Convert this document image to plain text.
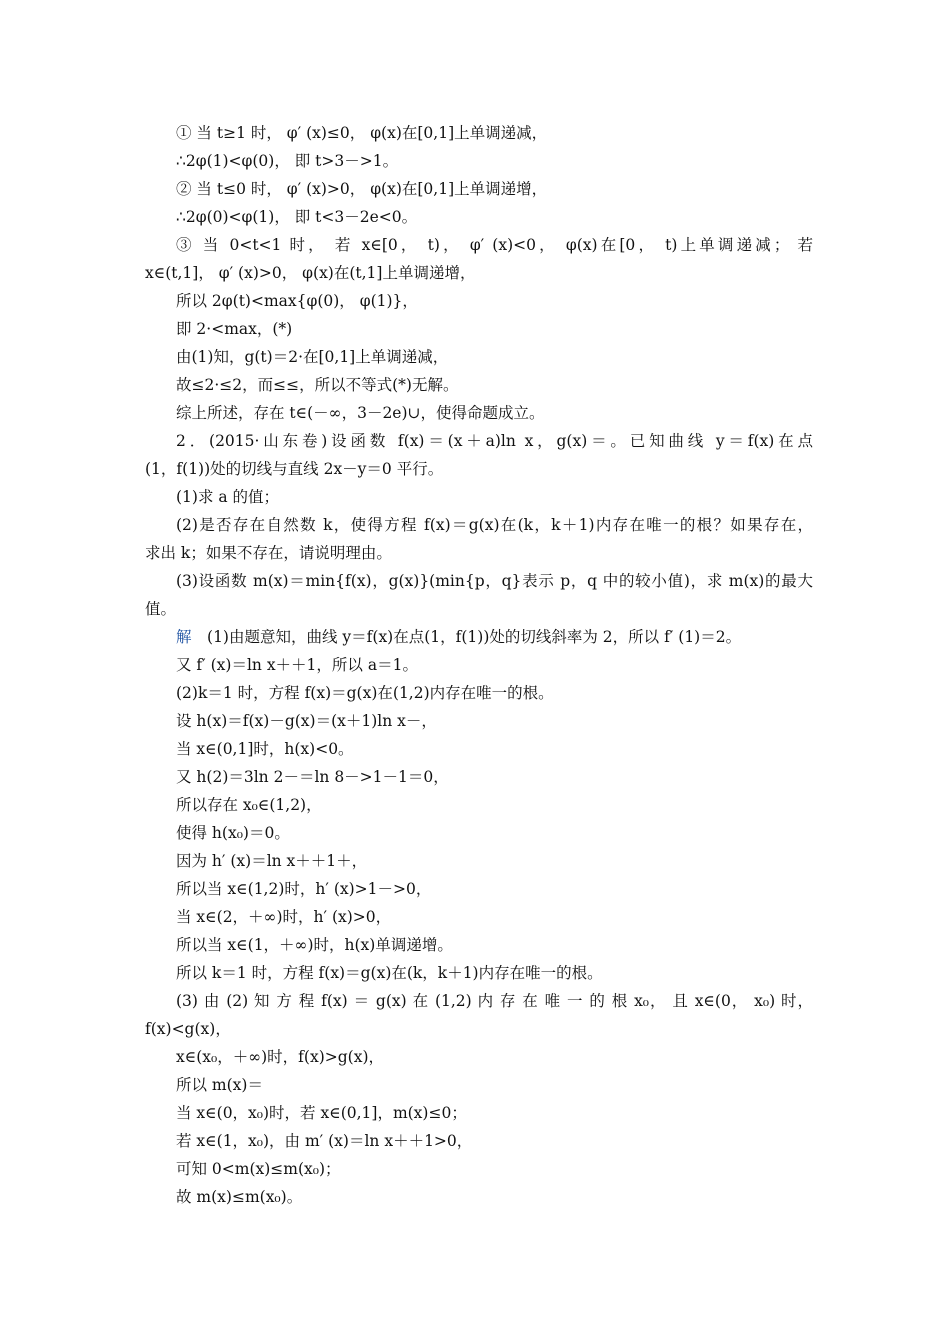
① 当 t≥1 时， φ′ (x)≤0， φ(x)在[0,1]上单调递减，
∴2φ(1)<φ(0)， 即 t>3－>1。
② 当 t≤0 时， φ′ (x)>0， φ(x)在[0,1]上单调递增，
∴2φ(0)<φ(1)， 即 t<3－2e<0。
③ 当 0<t<1 时， 若 x∈[0， t)， φ′ (x)<0， φ(x)在[0， t)上单调递减； 若
x∈(t,1]， φ′ (x)>0， φ(x)在(t,1]上单调递增，
所以 2φ(t)<max{φ(0)， φ(1)}，
即 2·<max，(*)
由(1)知，g(t)＝2·在[0,1]上单调递减，
故≤2·≤2，而≤≤，所以不等式(*)无解。
综上所述，存在 t∈(－∞，3－2e)∪，使得命题成立。
2．(2015·山东卷)设函数 f(x)＝(x＋a)ln x，g(x)＝。已知曲线 y＝f(x)在点
(1，f(1))处的切线与直线 2x－y＝0 平行。
(1)求 a 的值；
(2)是否存在自然数 k，使得方程 f(x)＝g(x)在(k，k＋1)内存在唯一的根？如果存在，
求出 k；如果不存在，请说明理由。
(3)设函数 m(x)＝min{f(x)，g(x)}(min{p，q}表示 p，q 中的较小值)，求 m(x)的最大
值。
解  (1)由题意知，曲线 y＝f(x)在点(1，f(1))处的切线斜率为 2，所以 f′ (1)＝2。
又 f′ (x)＝ln x＋＋1，所以 a＝1。
(2)k＝1 时，方程 f(x)＝g(x)在(1,2)内存在唯一的根。
设 h(x)＝f(x)－g(x)＝(x＋1)ln x－，
当 x∈(0,1]时，h(x)<0。
又 h(2)＝3ln 2－＝ln 8－>1－1＝0，
所以存在 x₀∈(1,2)，
使得 h(x₀)＝0。
因为 h′ (x)＝ln x＋＋1＋，
所以当 x∈(1,2)时，h′ (x)>1－>0，
当 x∈(2，＋∞)时，h′ (x)>0，
所以当 x∈(1，＋∞)时，h(x)单调递增。
所以 k＝1 时，方程 f(x)＝g(x)在(k，k＋1)内存在唯一的根。
(3) 由 (2) 知 方 程 f(x) ＝ g(x) 在 (1,2) 内 存 在 唯 一 的 根 x₀， 且 x∈(0， x₀) 时，
f(x)<g(x)，
x∈(x₀，＋∞)时，f(x)>g(x)，
所以 m(x)＝
当 x∈(0，x₀)时，若 x∈(0,1]，m(x)≤0；
若 x∈(1，x₀)，由 m′ (x)＝ln x＋＋1>0，
可知 0<m(x)≤m(x₀)；
故 m(x)≤m(x₀)。
